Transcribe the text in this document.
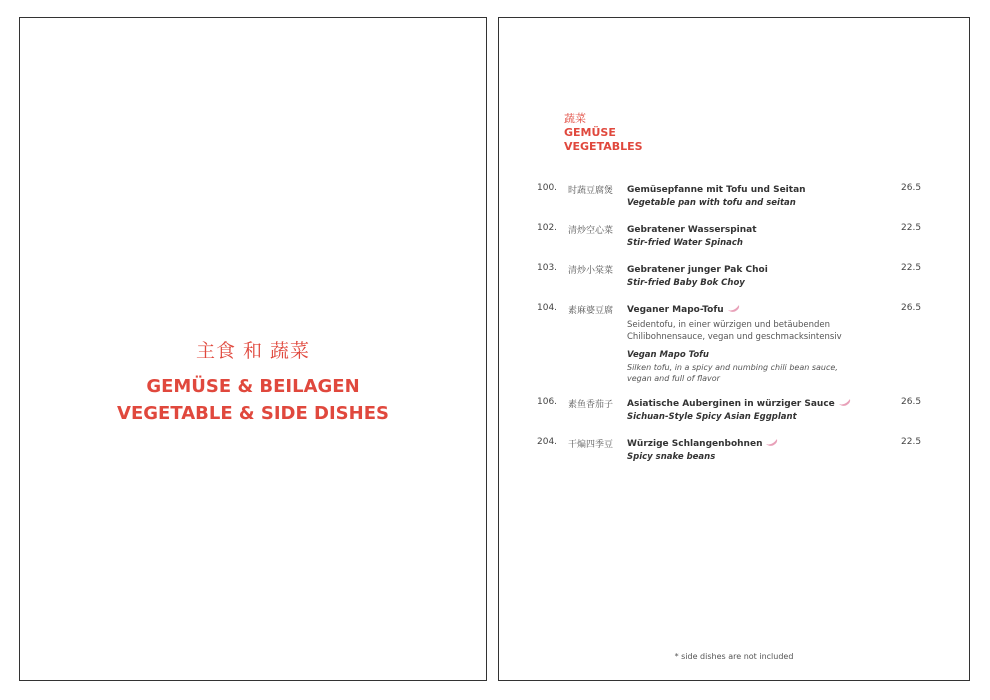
主食 和 蔬菜
GEMÜSE & BEILAGEN
VEGETABLE & SIDE DISHES
蔬菜
GEMÜSE
VEGETABLES
100. 时蔬豆腐煲 Gemüsepfanne mit Tofu und Seitan
Vegetable pan with tofu and seitan
26.5
102. 清炒空心菜 Gebratener Wasserspinat
Stir-fried Water Spinach
22.5
103. 清炒小棠菜 Gebratener junger Pak Choi
Stir-fried Baby Bok Choy
22.5
104. 素麻婆豆腐 Veganer Mapo-Tofu
Seidentofu, in einer würzigen und betäubenden Chilibohnensauce, vegan und geschmacksintensiv
Vegan Mapo Tofu
Silken tofu, in a spicy and numbing chili bean sauce, vegan and full of flavor
26.5
106. 素鱼香茄子 Asiatische Auberginen in würziger Sauce
Sichuan-Style Spicy Asian Eggplant
26.5
204. 干煸四季豆 Würzige Schlangenbohnen
Spicy snake beans
22.5
* side dishes are not included
